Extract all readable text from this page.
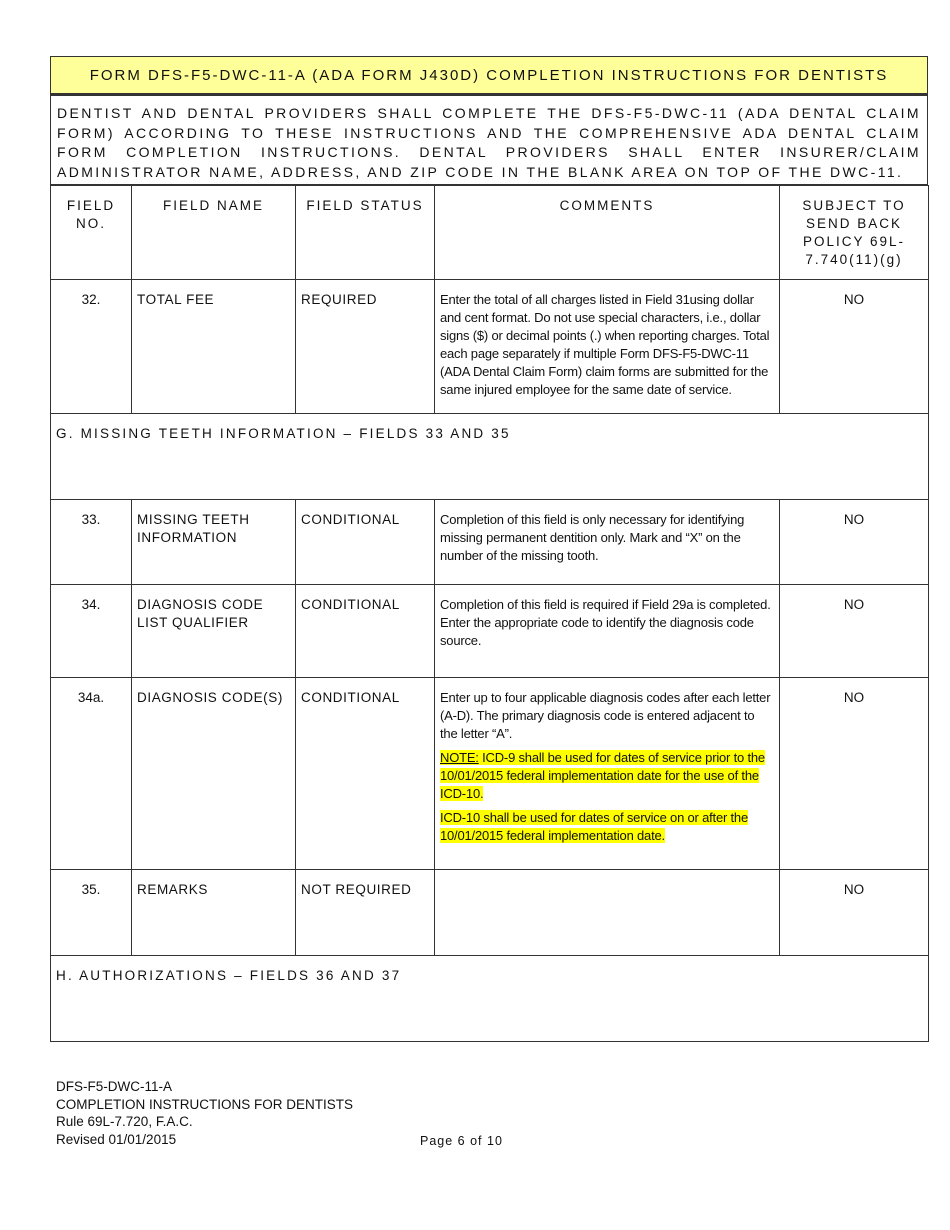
FORM DFS-F5-DWC-11-A (ADA FORM J430D) COMPLETION INSTRUCTIONS FOR DENTISTS
DENTIST AND DENTAL PROVIDERS SHALL COMPLETE THE DFS-F5-DWC-11 (ADA DENTAL CLAIM FORM) ACCORDING TO THESE INSTRUCTIONS AND THE COMPREHENSIVE ADA DENTAL CLAIM FORM COMPLETION INSTRUCTIONS. DENTAL PROVIDERS SHALL ENTER INSURER/CLAIM ADMINISTRATOR NAME, ADDRESS, AND ZIP CODE IN THE BLANK AREA ON TOP OF THE DWC-11.
FIELD NO.	FIELD NAME	FIELD STATUS	COMMENTS	SUBJECT TO SEND BACK POLICY 69L-7.740(11)(g)
32.	TOTAL FEE	REQUIRED	Enter the total of all charges listed in Field 31using dollar and cent format. Do not use special characters, i.e., dollar signs ($) or decimal points (.) when reporting charges. Total each page separately if multiple Form DFS-F5-DWC-11 (ADA Dental Claim Form) claim forms are submitted for the same injured employee for the same date of service.	NO
G. MISSING TEETH INFORMATION – FIELDS 33 AND 35				
33.	MISSING TEETH INFORMATION	CONDITIONAL	Completion of this field is only necessary for identifying missing permanent dentition only. Mark and “X” on the number of the missing tooth.	NO
34.	DIAGNOSIS CODE LIST QUALIFIER	CONDITIONAL	Completion of this field is required if Field 29a is completed. Enter the appropriate code to identify the diagnosis code source.	NO
34a.	DIAGNOSIS CODE(S)	CONDITIONAL	Enter up to four applicable diagnosis codes after each letter (A-D). The primary diagnosis code is entered adjacent to the letter “A”.
NOTE: ICD-9 shall be used for dates of service prior to the 10/01/2015 federal implementation date for the use of the ICD-10.
ICD-10 shall be used for dates of service on or after the 10/01/2015 federal implementation date.	NO
35.	REMARKS	NOT REQUIRED		NO
H. AUTHORIZATIONS – FIELDS 36 AND 37				
DFS-F5-DWC-11-A
COMPLETION INSTRUCTIONS FOR DENTISTS
Rule 69L-7.720, F.A.C.
Revised 01/01/2015	Page 6 of 10
